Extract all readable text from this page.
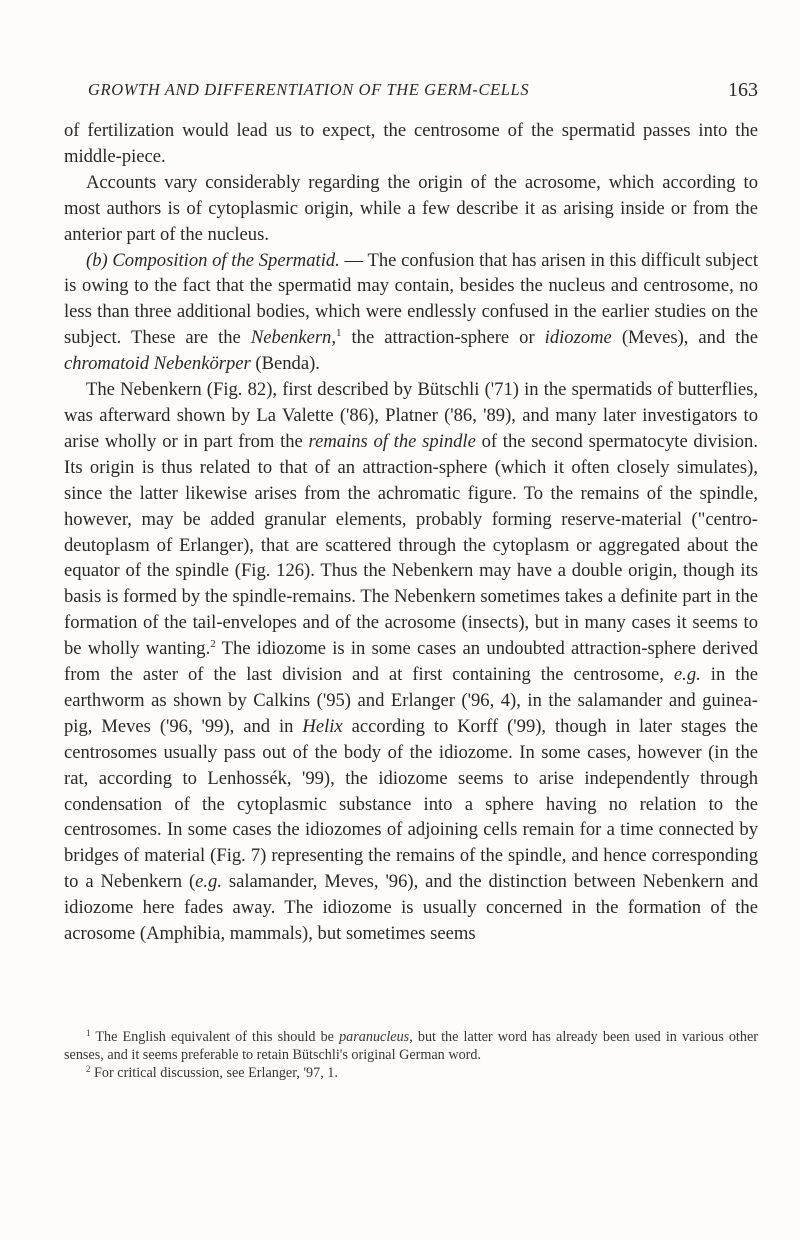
GROWTH AND DIFFERENTIATION OF THE GERM-CELLS	163

of fertilization would lead us to expect, the centrosome of the spermatid passes into the middle-piece.

Accounts vary considerably regarding the origin of the acrosome, which according to most authors is of cytoplasmic origin, while a few describe it as arising inside or from the anterior part of the nucleus.

(b) Composition of the Spermatid. — The confusion that has arisen in this difficult subject is owing to the fact that the spermatid may contain, besides the nucleus and centrosome, no less than three additional bodies, which were endlessly confused in the earlier studies on the subject. These are the Nebenkern,$^1$ the attraction-sphere or idiozome (Meves), and the chromatoid Nebenkörper (Benda).

The Nebenkern (Fig. 82), first described by Bütschli ('71) in the spermatids of butterflies, was afterward shown by La Valette ('86), Platner ('86, '89), and many later investigators to arise wholly or in part from the remains of the spindle of the second spermatocyte division. Its origin is thus related to that of an attraction-sphere (which it often closely simulates), since the latter likewise arises from the achromatic figure. To the remains of the spindle, however, may be added granular elements, probably forming reserve-material ("centro-deutoplasm of Erlanger), that are scattered through the cytoplasm or aggregated about the equator of the spindle (Fig. 126). Thus the Nebenkern may have a double origin, though its basis is formed by the spindle-remains. The Nebenkern sometimes takes a definite part in the formation of the tail-envelopes and of the acrosome (insects), but in many cases it seems to be wholly wanting.$^2$ The idiozome is in some cases an undoubted attraction-sphere derived from the aster of the last division and at first containing the centrosome, e.g. in the earthworm as shown by Calkins ('95) and Erlanger ('96, 4), in the salamander and guinea-pig, Meves ('96, '99), and in Helix according to Korff ('99), though in later stages the centrosomes usually pass out of the body of the idiozome. In some cases, however (in the rat, according to Lenhossék, '99), the idiozome seems to arise independently through condensation of the cytoplasmic substance into a sphere having no relation to the centrosomes. In some cases the idiozomes of adjoining cells remain for a time connected by bridges of material (Fig. 7) representing the remains of the spindle, and hence corresponding to a Nebenkern (e.g. salamander, Meves, '96), and the distinction between Nebenkern and idiozome here fades away. The idiozome is usually concerned in the formation of the acrosome (Amphibia, mammals), but sometimes seems

$^1$ The English equivalent of this should be paranucleus, but the latter word has already been used in various other senses, and it seems preferable to retain Bütschli's original German word.

$^2$ For critical discussion, see Erlanger, '97, 1.
